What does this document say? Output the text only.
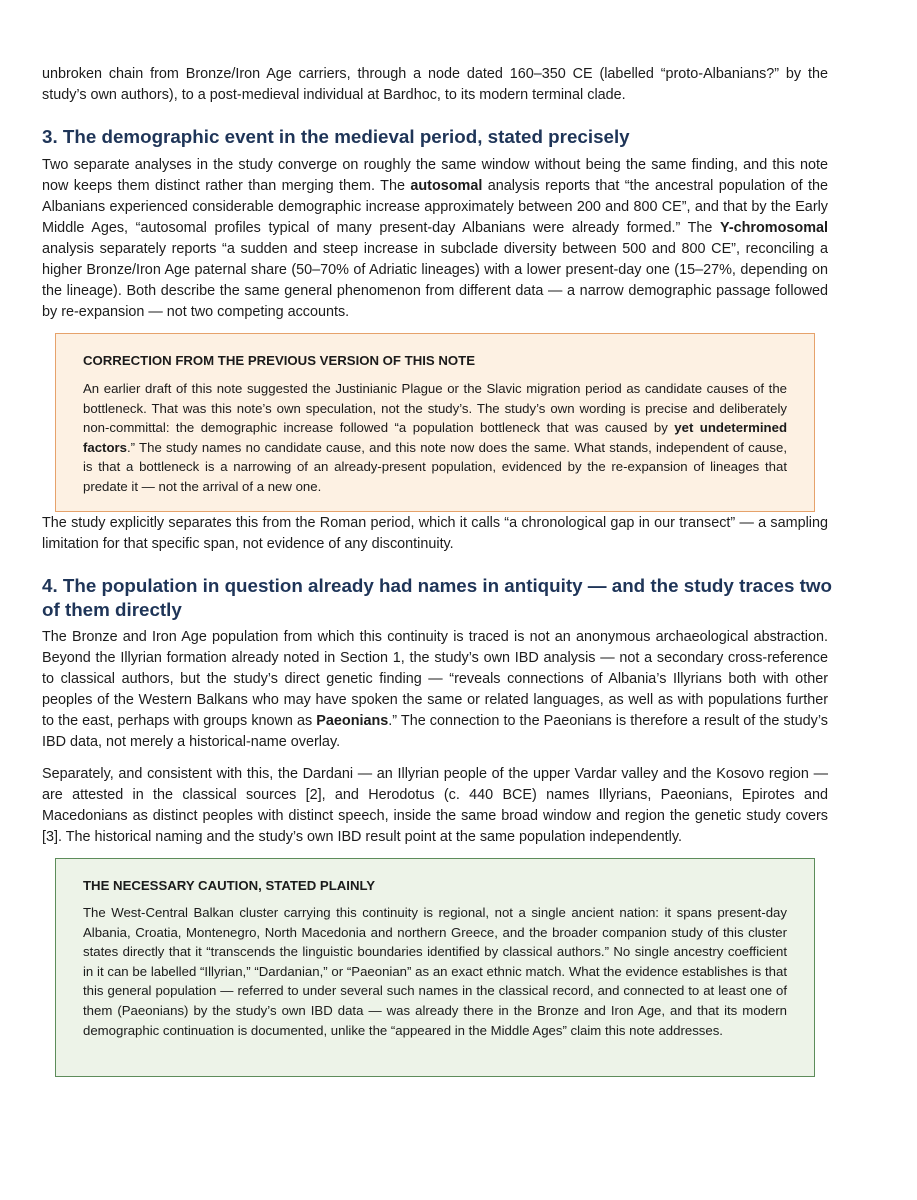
unbroken chain from Bronze/Iron Age carriers, through a node dated 160–350 CE (labelled “proto-Albanians?” by the study’s own authors), to a post-medieval individual at Bardhoc, to its modern terminal clade.

3. The demographic event in the medieval period, stated precisely

Two separate analyses in the study converge on roughly the same window without being the same finding, and this note now keeps them distinct rather than merging them. The autosomal analysis reports that “the ancestral population of the Albanians experienced considerable demographic increase approximately between 200 and 800 CE”, and that by the Early Middle Ages, “autosomal profiles typical of many present-day Albanians were already formed.” The Y-chromosomal analysis separately reports “a sudden and steep increase in subclade diversity between 500 and 800 CE”, reconciling a higher Bronze/Iron Age paternal share (50–70% of Adriatic lineages) with a lower present-day one (15–27%, depending on the lineage). Both describe the same general phenomenon from different data — a narrow demographic passage followed by re-expansion — not two competing accounts.

CORRECTION FROM THE PREVIOUS VERSION OF THIS NOTE

An earlier draft of this note suggested the Justinianic Plague or the Slavic migration period as candidate causes of the bottleneck. That was this note’s own speculation, not the study’s. The study’s own wording is precise and deliberately non-committal: the demographic increase followed “a population bottleneck that was caused by yet undetermined factors.” The study names no candidate cause, and this note now does the same. What stands, independent of cause, is that a bottleneck is a narrowing of an already-present population, evidenced by the re-expansion of lineages that predate it — not the arrival of a new one.

The study explicitly separates this from the Roman period, which it calls “a chronological gap in our transect” — a sampling limitation for that specific span, not evidence of any discontinuity.

4. The population in question already had names in antiquity — and the study traces two of them directly

The Bronze and Iron Age population from which this continuity is traced is not an anonymous archaeological abstraction. Beyond the Illyrian formation already noted in Section 1, the study’s own IBD analysis — not a secondary cross-reference to classical authors, but the study’s direct genetic finding — “reveals connections of Albania’s Illyrians both with other peoples of the Western Balkans who may have spoken the same or related languages, as well as with populations further to the east, perhaps with groups known as Paeonians.” The connection to the Paeonians is therefore a result of the study’s IBD data, not merely a historical-name overlay.

Separately, and consistent with this, the Dardani — an Illyrian people of the upper Vardar valley and the Kosovo region — are attested in the classical sources [2], and Herodotus (c. 440 BCE) names Illyrians, Paeonians, Epirotes and Macedonians as distinct peoples with distinct speech, inside the same broad window and region the genetic study covers [3]. The historical naming and the study’s own IBD result point at the same population independently.

THE NECESSARY CAUTION, STATED PLAINLY

The West-Central Balkan cluster carrying this continuity is regional, not a single ancient nation: it spans present-day Albania, Croatia, Montenegro, North Macedonia and northern Greece, and the broader companion study of this cluster states directly that it “transcends the linguistic boundaries identified by classical authors.” No single ancestry coefficient in it can be labelled “Illyrian,” “Dardanian,” or “Paeonian” as an exact ethnic match. What the evidence establishes is that this general population — referred to under several such names in the classical record, and connected to at least one of them (Paeonians) by the study’s own IBD data — was already there in the Bronze and Iron Age, and that its modern demographic continuation is documented, unlike the “appeared in the Middle Ages” claim this note addresses.
